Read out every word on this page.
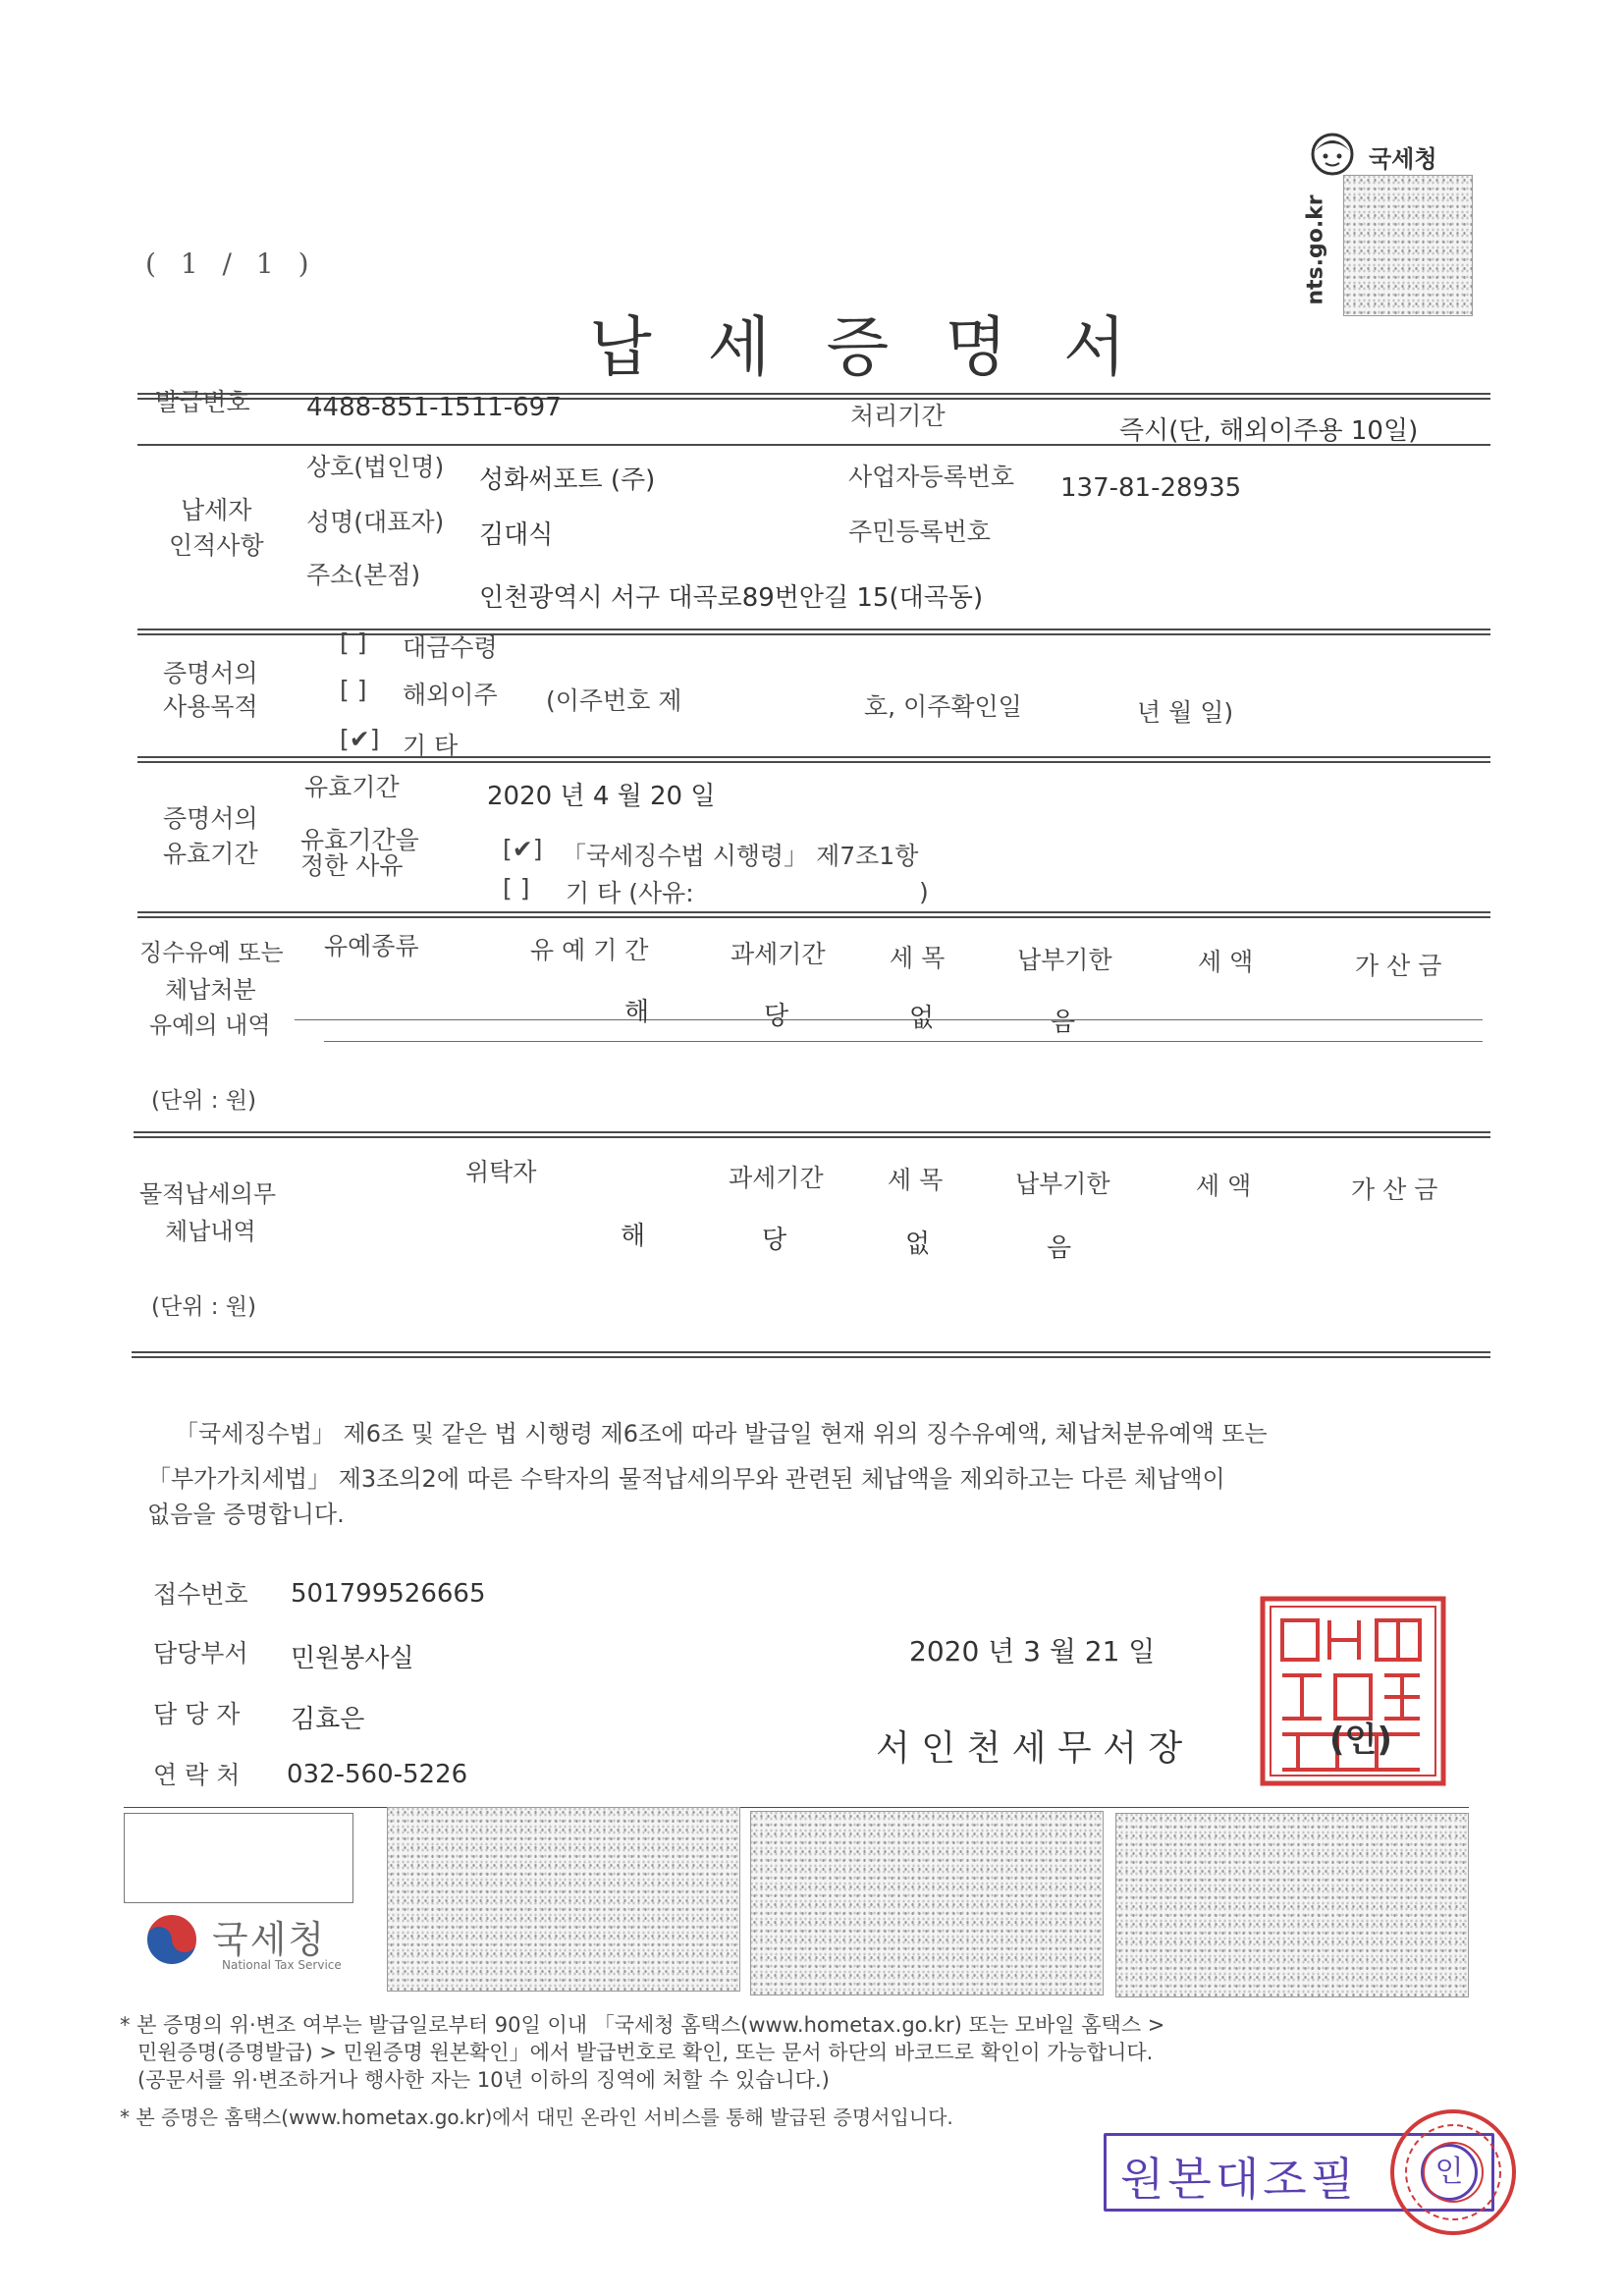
( 1 / 1 )
국세청
nts.go.kr
납 세 증 명 서
발급번호 4488-851-1511-697	처리기간
즉시(단, 해외이주용 10일)
납세자
인적사항
상호(법인명) 성화써포트 (주)	사업자등록번호 137-81-28935
성명(대표자) 김대식	주민등록번호
주소(본점)
인천광역시 서구 대곡로89번안길 15(대곡동)
증명서의
사용목적
[ ] 대금수령
[ ] 해외이주 (이주번호 제	호, 이주확인일	년 월 일)
[✔] 기 타
증명서의
유효기간
유효기간	2020 년 4 월 20 일
유효기간을
정한 사유
[✔] 「국세징수법 시행령」 제7조1항
[ ] 기 타 (사유:	)
징수유예 또는
체납처분
유예의 내역
유예종류	유 예 기 간	과세기간	세 목	납부기한	세 액	가 산 금
해	당	없	음
(단위 : 원)
물적납세의무
체납내역
위탁자	과세기간	세 목	납부기한	세 액	가 산 금
해	당	없	음
(단위 : 원)
「국세징수법」 제6조 및 같은 법 시행령 제6조에 따라 발급일 현재 위의 징수유예액, 체납처분유예액 또는
「부가가치세법」 제3조의2에 따른 수탁자의 물적납세의무와 관련된 체납액을 제외하고는 다른 체납액이
없음을 증명합니다.
접수번호 501799526665
담당부서 민원봉사실
담 당 자 김효은
연 락 처 032-560-5226
2020 년 3 월 21 일
서 인 천 세 무 서 장	(인)
국세청
National Tax Service
* 본 증명의 위·변조 여부는 발급일로부터 90일 이내 「국세청 홈택스(www.hometax.go.kr) 또는 모바일 홈택스 >
민원증명(증명발급) > 민원증명 원본확인」에서 발급번호로 확인, 또는 문서 하단의 바코드로 확인이 가능합니다.
(공문서를 위·변조하거나 행사한 자는 10년 이하의 징역에 처할 수 있습니다.)
* 본 증명은 홈택스(www.hometax.go.kr)에서 대민 온라인 서비스를 통해 발급된 증명서입니다.
원본대조필	인
